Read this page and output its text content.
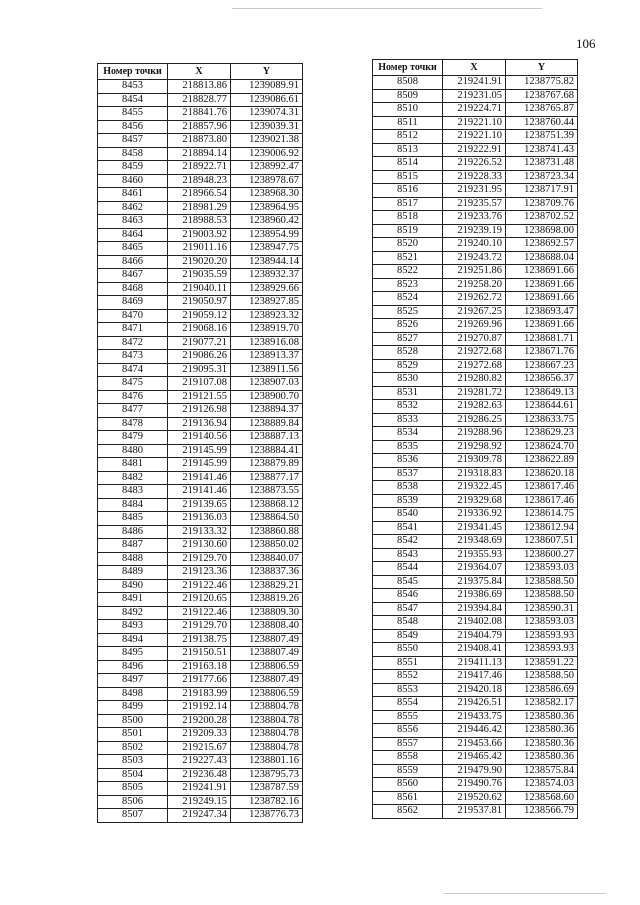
106
Номер точки	X	Y
8453	218813.86	1239089.91
8454	218828.77	1239086.61
8455	218841.76	1239074.31
8456	218857.96	1239039.31
8457	218873.80	1239021.38
8458	218894.14	1239006.92
8459	218922.71	1238992.47
8460	218948.23	1238978.67
8461	218966.54	1238968.30
8462	218981.29	1238964.95
8463	218988.53	1238960.42
8464	219003.92	1238954.99
8465	219011.16	1238947.75
8466	219020.20	1238944.14
8467	219035.59	1238932.37
8468	219040.11	1238929.66
8469	219050.97	1238927.85
8470	219059.12	1238923.32
8471	219068.16	1238919.70
8472	219077.21	1238916.08
8473	219086.26	1238913.37
8474	219095.31	1238911.56
8475	219107.08	1238907.03
8476	219121.55	1238900.70
8477	219126.98	1238894.37
8478	219136.94	1238889.84
8479	219140.56	1238887.13
8480	219145.99	1238884.41
8481	219145.99	1238879.89
8482	219141.46	1238877.17
8483	219141.46	1238873.55
8484	219139.65	1238868.12
8485	219136.03	1238864.50
8486	219133.32	1238860.88
8487	219130.60	1238850.02
8488	219129.70	1238840.07
8489	219123.36	1238837.36
8490	219122.46	1238829.21
8491	219120.65	1238819.26
8492	219122.46	1238809.30
8493	219129.70	1238808.40
8494	219138.75	1238807.49
8495	219150.51	1238807.49
8496	219163.18	1238806.59
8497	219177.66	1238807.49
8498	219183.99	1238806.59
8499	219192.14	1238804.78
8500	219200.28	1238804.78
8501	219209.33	1238804.78
8502	219215.67	1238804.78
8503	219227.43	1238801.16
8504	219236.48	1238795.73
8505	219241.91	1238787.59
8506	219249.15	1238782.16
8507	219247.34	1238776.73
Номер точки	X	Y
8508	219241.91	1238775.82
8509	219231.05	1238767.68
8510	219224.71	1238765.87
8511	219221.10	1238760.44
8512	219221.10	1238751.39
8513	219222.91	1238741.43
8514	219226.52	1238731.48
8515	219228.33	1238723.34
8516	219231.95	1238717.91
8517	219235.57	1238709.76
8518	219233.76	1238702.52
8519	219239.19	1238698.00
8520	219240.10	1238692.57
8521	219243.72	1238688.04
8522	219251.86	1238691.66
8523	219258.20	1238691.66
8524	219262.72	1238691.66
8525	219267.25	1238693.47
8526	219269.96	1238691.66
8527	219270.87	1238681.71
8528	219272.68	1238671.76
8529	219272.68	1238667.23
8530	219280.82	1238656.37
8531	219281.72	1238649.13
8532	219282.63	1238644.61
8533	219286.25	1238633.75
8534	219288.96	1238629.23
8535	219298.92	1238624.70
8536	219309.78	1238622.89
8537	219318.83	1238620.18
8538	219322.45	1238617.46
8539	219329.68	1238617.46
8540	219336.92	1238614.75
8541	219341.45	1238612.94
8542	219348.69	1238607.51
8543	219355.93	1238600.27
8544	219364.07	1238593.03
8545	219375.84	1238588.50
8546	219386.69	1238588.50
8547	219394.84	1238590.31
8548	219402.08	1238593.03
8549	219404.79	1238593.93
8550	219408.41	1238593.93
8551	219411.13	1238591.22
8552	219417.46	1238588.50
8553	219420.18	1238586.69
8554	219426.51	1238582.17
8555	219433.75	1238580.36
8556	219446.42	1238580.36
8557	219453.66	1238580.36
8558	219465.42	1238580.36
8559	219479.90	1238575.84
8560	219490.76	1238574.03
8561	219520.62	1238568.60
8562	219537.81	1238566.79
